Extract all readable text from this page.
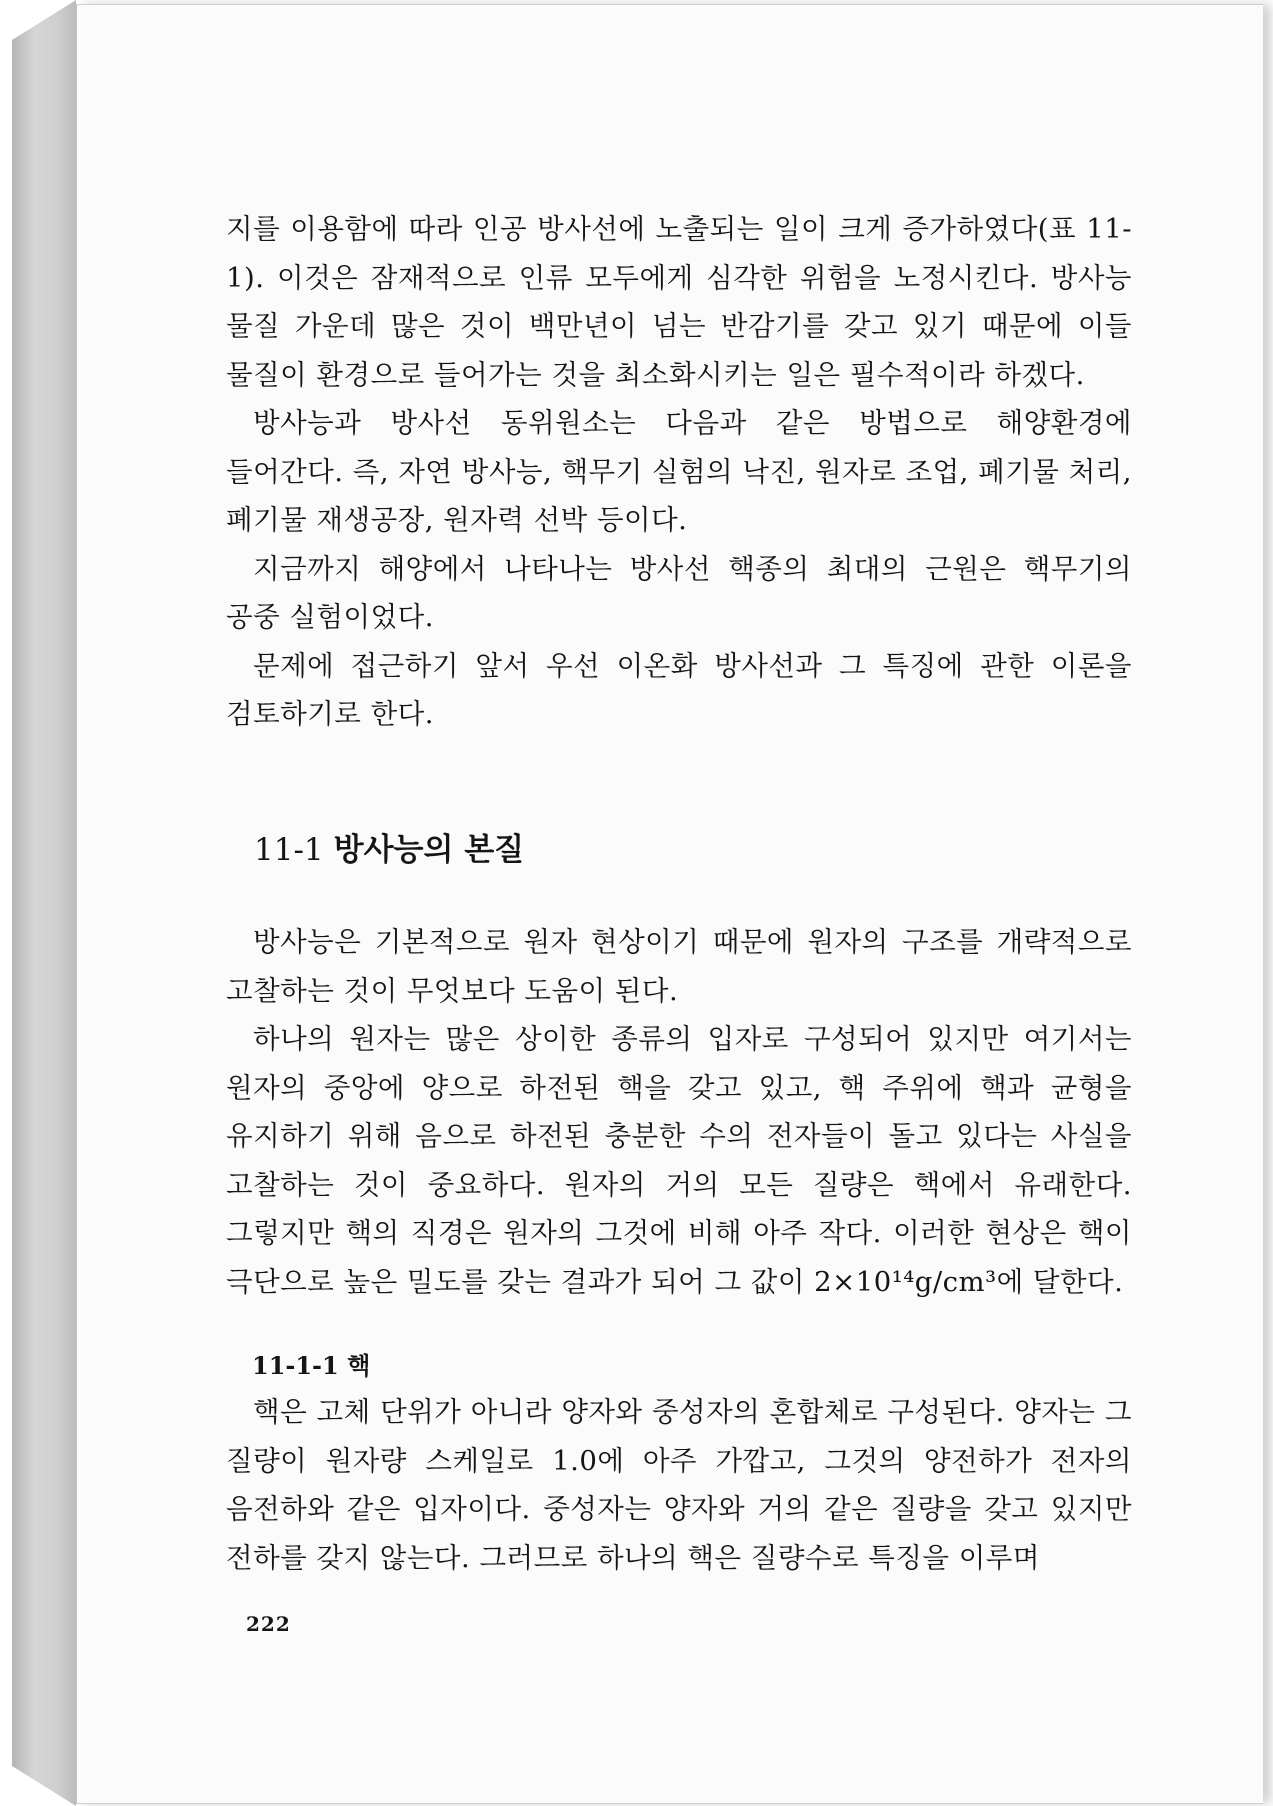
지를 이용함에 따라 인공 방사선에 노출되는 일이 크게 증가하였다(표 11-1). 이것은 잠재적으로 인류 모두에게 심각한 위험을 노정시킨다. 방사능 물질 가운데 많은 것이 백만년이 넘는 반감기를 갖고 있기 때문에 이들 물질이 환경으로 들어가는 것을 최소화시키는 일은 필수적이라 하겠다.

방사능과 방사선 동위원소는 다음과 같은 방법으로 해양환경에 들어간다. 즉, 자연 방사능, 핵무기 실험의 낙진, 원자로 조업, 폐기물 처리, 폐기물 재생공장, 원자력 선박 등이다.

지금까지 해양에서 나타나는 방사선 핵종의 최대의 근원은 핵무기의 공중 실험이었다.

문제에 접근하기 앞서 우선 이온화 방사선과 그 특징에 관한 이론을 검토하기로 한다.

11-1 방사능의 본질

방사능은 기본적으로 원자 현상이기 때문에 원자의 구조를 개략적으로 고찰하는 것이 무엇보다 도움이 된다.

하나의 원자는 많은 상이한 종류의 입자로 구성되어 있지만 여기서는 원자의 중앙에 양으로 하전된 핵을 갖고 있고, 핵 주위에 핵과 균형을 유지하기 위해 음으로 하전된 충분한 수의 전자들이 돌고 있다는 사실을 고찰하는 것이 중요하다. 원자의 거의 모든 질량은 핵에서 유래한다. 그렇지만 핵의 직경은 원자의 그것에 비해 아주 작다. 이러한 현상은 핵이 극단으로 높은 밀도를 갖는 결과가 되어 그 값이 2×10¹⁴g/cm³에 달한다.

11-1-1 핵

핵은 고체 단위가 아니라 양자와 중성자의 혼합체로 구성된다. 양자는 그 질량이 원자량 스케일로 1.0에 아주 가깝고, 그것의 양전하가 전자의 음전하와 같은 입자이다. 중성자는 양자와 거의 같은 질량을 갖고 있지만 전하를 갖지 않는다. 그러므로 하나의 핵은 질량수로 특징을 이루며

222
